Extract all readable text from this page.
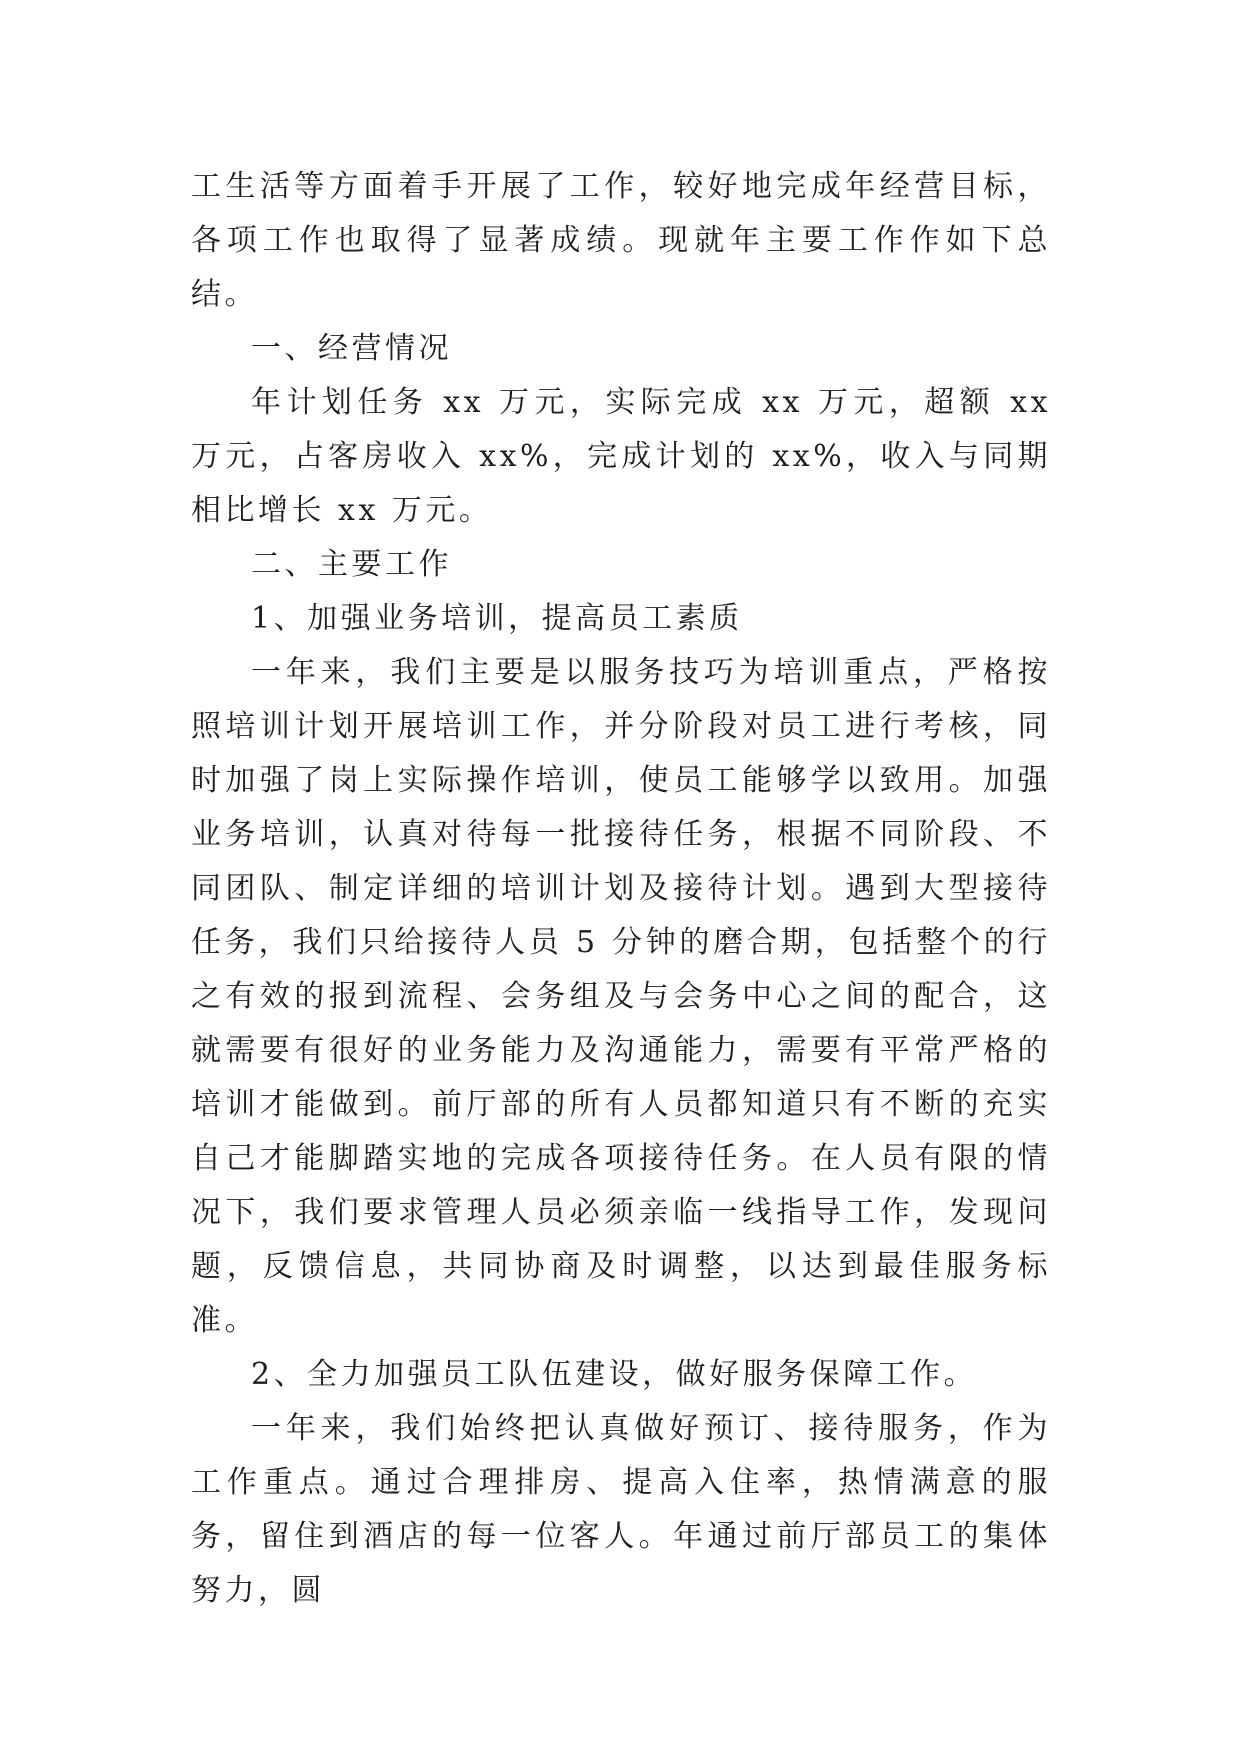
工生活等方面着手开展了工作，较好地完成年经营目标，各项工作也取得了显著成绩。现就年主要工作作如下总结。

一、经营情况

年计划任务 xx 万元，实际完成 xx 万元，超额 xx 万元，占客房收入 xx%，完成计划的 xx%，收入与同期相比增长 xx 万元。

二、主要工作

1、加强业务培训，提高员工素质

一年来，我们主要是以服务技巧为培训重点，严格按照培训计划开展培训工作，并分阶段对员工进行考核，同时加强了岗上实际操作培训，使员工能够学以致用。加强业务培训，认真对待每一批接待任务，根据不同阶段、不同团队、制定详细的培训计划及接待计划。遇到大型接待任务，我们只给接待人员 5 分钟的磨合期，包括整个的行之有效的报到流程、会务组及与会务中心之间的配合，这就需要有很好的业务能力及沟通能力，需要有平常严格的培训才能做到。前厅部的所有人员都知道只有不断的充实自己才能脚踏实地的完成各项接待任务。在人员有限的情况下，我们要求管理人员必须亲临一线指导工作，发现问题，反馈信息，共同协商及时调整，以达到最佳服务标准。

2、全力加强员工队伍建设，做好服务保障工作。

一年来，我们始终把认真做好预订、接待服务，作为工作重点。通过合理排房、提高入住率，热情满意的服务，留住到酒店的每一位客人。年通过前厅部员工的集体努力，圆
